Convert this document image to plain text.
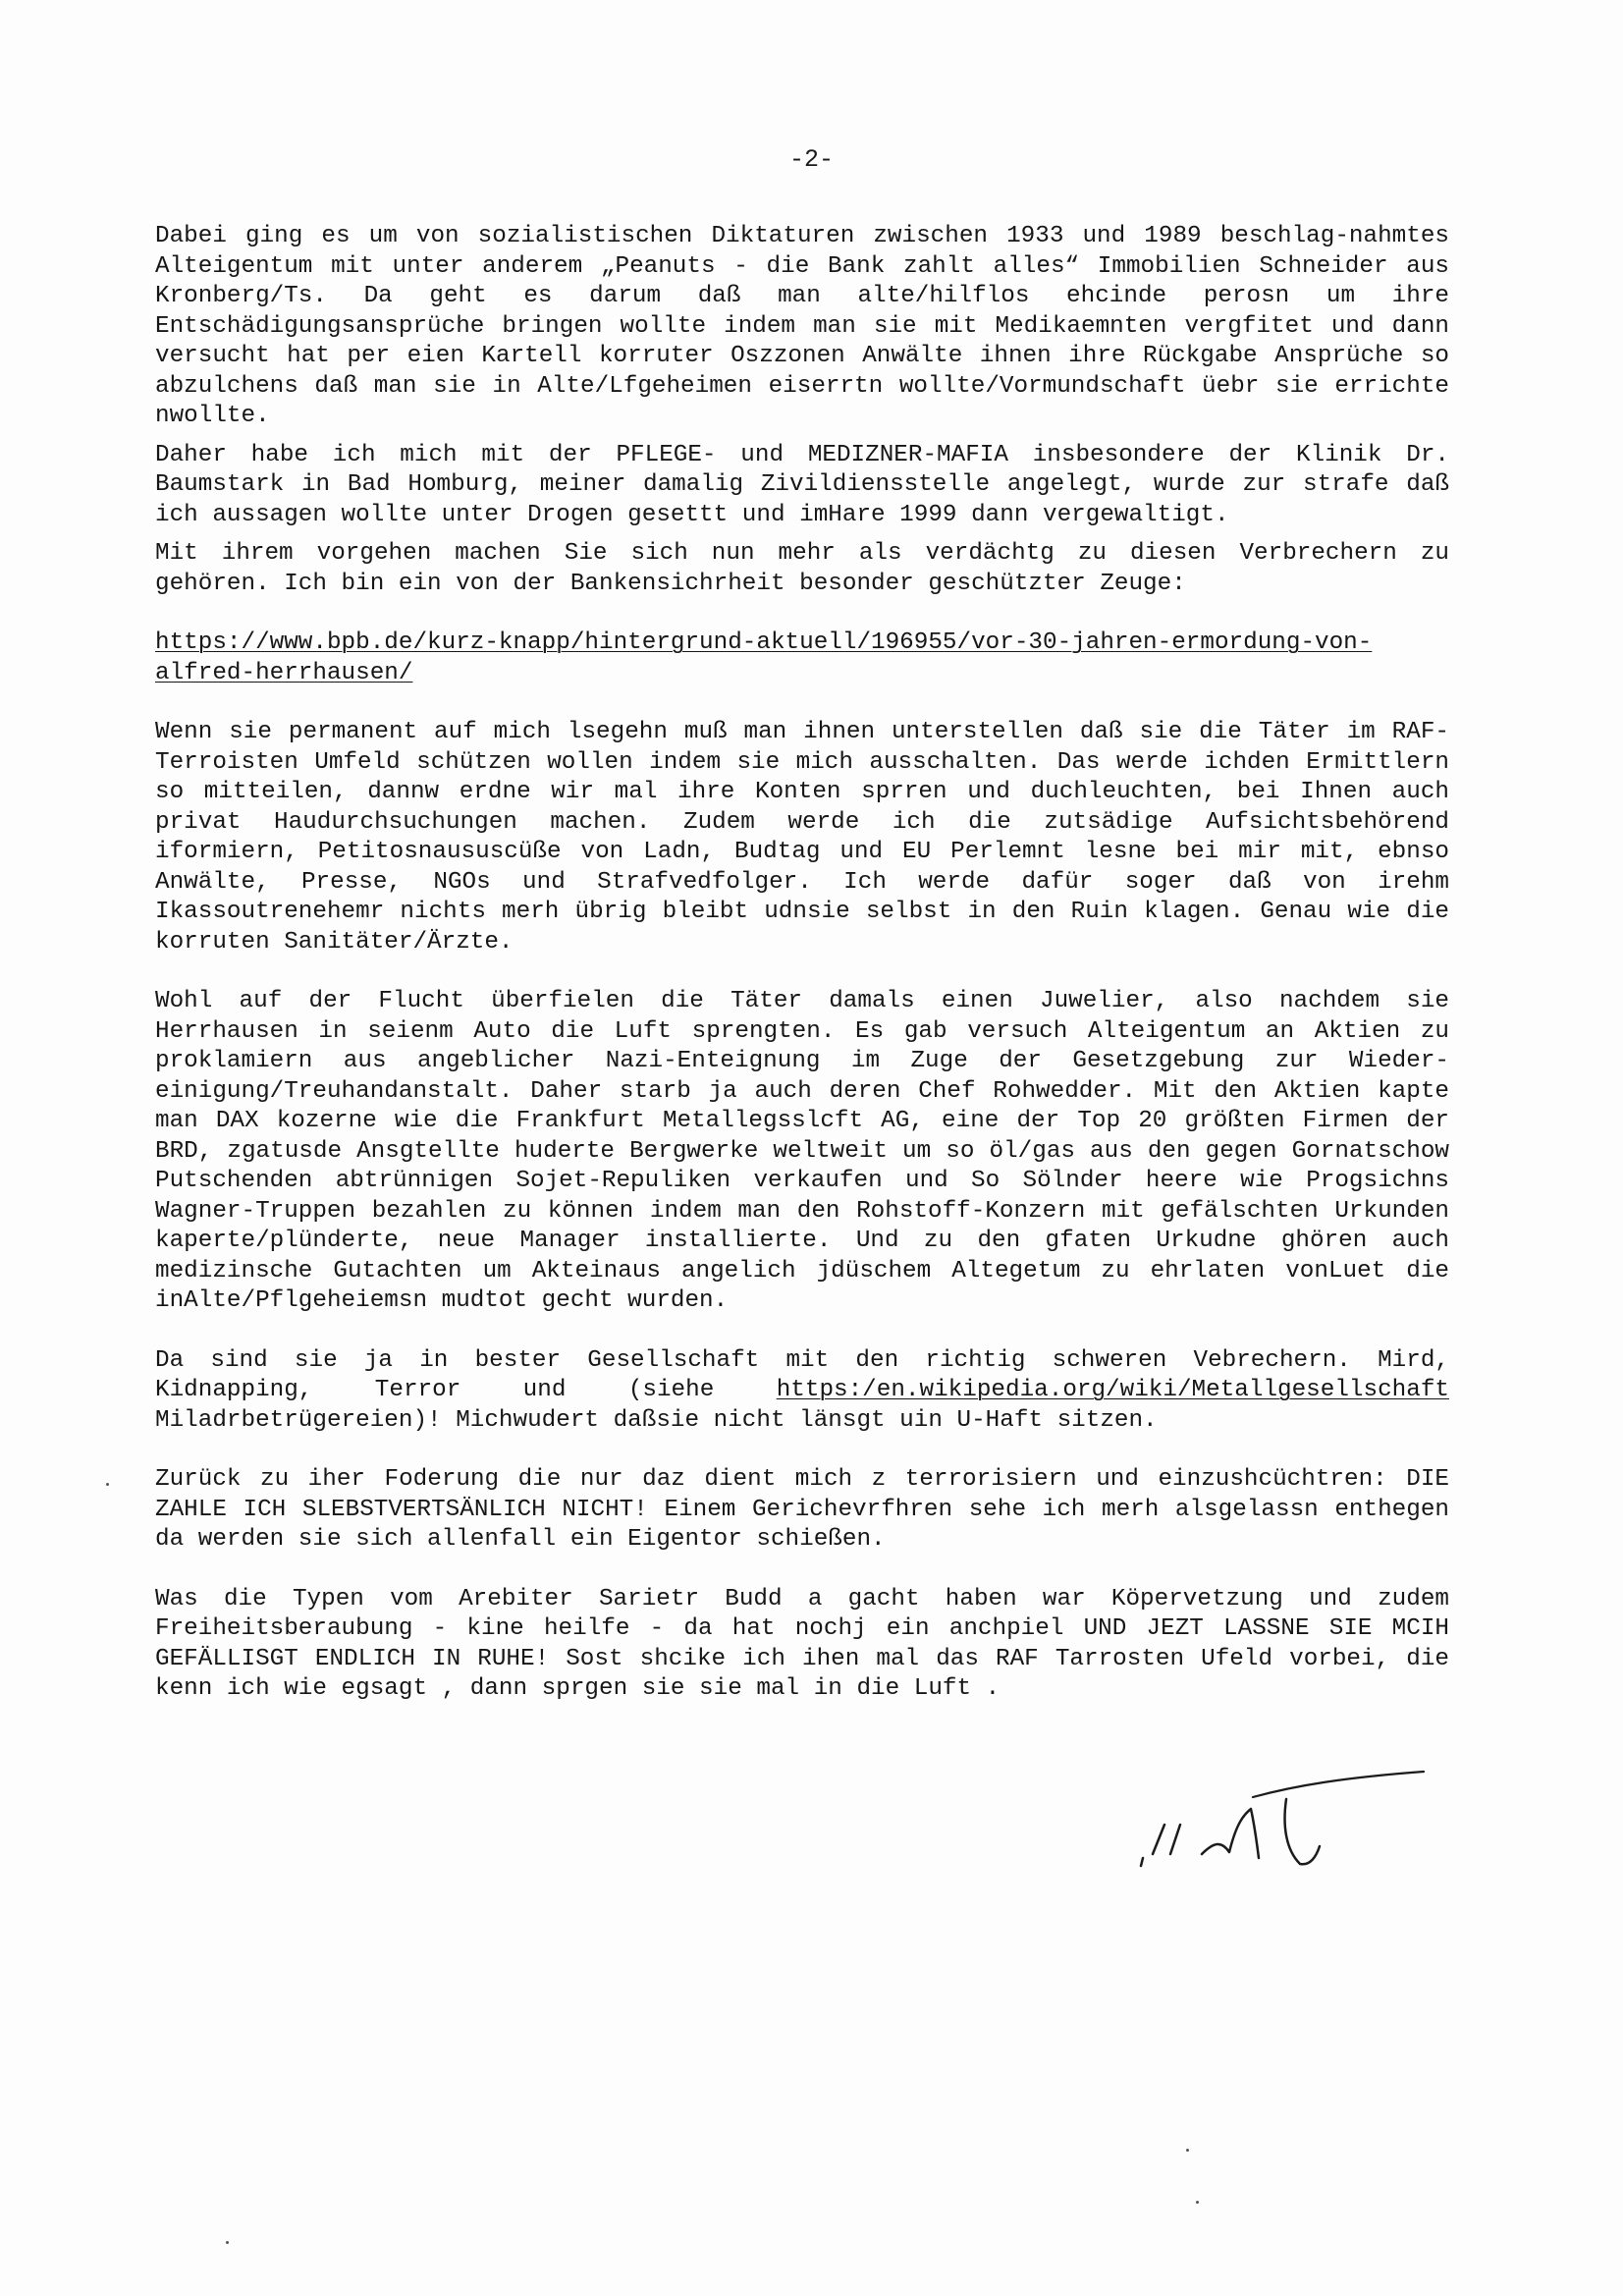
-2-

Dabei ging es um von sozialistischen Diktaturen zwischen 1933 und 1989 beschlag-nahmtes Alteigentum mit unter anderem „Peanuts - die Bank zahlt alles“ Immobilien Schneider aus Kronberg/Ts. Da geht es darum daß man alte/hilflos ehcinde perosn um ihre Entschädigungsansprüche bringen wollte indem man sie mit Medikaemnten vergfitet und dann versucht hat per eien Kartell korruter Oszzonen Anwälte ihnen ihre Rückgabe Ansprüche so abzulchens daß man sie in Alte/Lfgeheimen eiserrtn wollte/Vormundschaft üebr sie errichte nwollte.

Daher habe ich mich mit der PFLEGE- und MEDIZNER-MAFIA insbesondere der Klinik Dr. Baumstark in Bad Homburg, meiner damalig Zivildiensstelle angelegt, wurde zur strafe daß ich aussagen wollte unter Drogen gesettt und imHare 1999 dann vergewaltigt.

Mit ihrem vorgehen machen Sie sich nun mehr als verdächtg zu diesen Verbrechern zu gehören. Ich bin ein von der Bankensichrheit besonder geschützter Zeuge:

https://www.bpb.de/kurz-knapp/hintergrund-aktuell/196955/vor-30-jahren-ermordung-von-alfred-herrhausen/

Wenn sie permanent auf mich lsegehn muß man ihnen unterstellen daß sie die Täter im RAF-Terroisten Umfeld schützen wollen indem sie mich ausschalten. Das werde ichden Ermittlern so mitteilen, dannw erdne wir mal ihre Konten sprren und duchleuchten, bei Ihnen auch privat Haudurchsuchungen machen. Zudem werde ich die zutsädige Aufsichtsbehörend iformiern, Petitosnaususcüße von Ladn, Budtag und EU Perlemnt lesne bei mir mit, ebnso Anwälte, Presse, NGOs und Strafvedfolger. Ich werde dafür soger daß von irehm Ikassoutrenehemr nichts merh übrig bleibt udnsie selbst in den Ruin klagen. Genau wie die korruten Sanitäter/Ärzte.

Wohl auf der Flucht überfielen die Täter damals einen Juwelier, also nachdem sie Herrhausen in seienm Auto die Luft sprengten. Es gab versuch Alteigentum an Aktien zu proklamiern aus angeblicher Nazi-Enteignung im Zuge der Gesetzgebung zur Wieder-einigung/Treuhandanstalt. Daher starb ja auch deren Chef Rohwedder. Mit den Aktien kapte man DAX kozerne wie die Frankfurt Metallegsslcft AG, eine der Top 20 größten Firmen der BRD, zgatusde Ansgtellte huderte Bergwerke weltweit um so öl/gas aus den gegen Gornatschow Putschenden abtrünnigen Sojet-Repuliken verkaufen und So Sölnder heere wie Progsichns Wagner-Truppen bezahlen zu können indem man den Rohstoff-Konzern mit gefälschten Urkunden kaperte/plünderte, neue Manager installierte. Und zu den gfaten Urkudne ghören auch medizinsche Gutachten um Akteinaus angelich jdüschem Altegetum zu ehrlaten vonLuet die inAlte/Pflgeheiemsn mudtot gecht wurden.

Da sind sie ja in bester Gesellschaft mit den richtig schweren Vebrechern. Mird, Kidnapping, Terror und (siehe https:/en.wikipedia.org/wiki/Metallgesellschaft Miladrbetrügereien)! Michwudert daßsie nicht länsgt uin U-Haft sitzen.

Zurück zu iher Foderung die nur daz dient mich z terrorisiern und einzushcüchtren: DIE ZAHLE ICH SLEBSTVERTSÄNLICH NICHT! Einem Gerichevrfhren sehe ich merh alsgelassn enthegen da werden sie sich allenfall ein Eigentor schießen.

Was die Typen vom Arebiter Sarietr Budd a gacht haben war Köpervetzung und zudem Freiheitsberaubung - kine heilfe - da hat nochj ein anchpiel UND JEZT LASSNE SIE MCIH GEFÄLLISGT ENDLICH IN RUHE! Sost shcike ich ihen mal das RAF Tarrosten Ufeld vorbei, die kenn ich wie egsagt , dann sprgen sie sie mal in die Luft .
